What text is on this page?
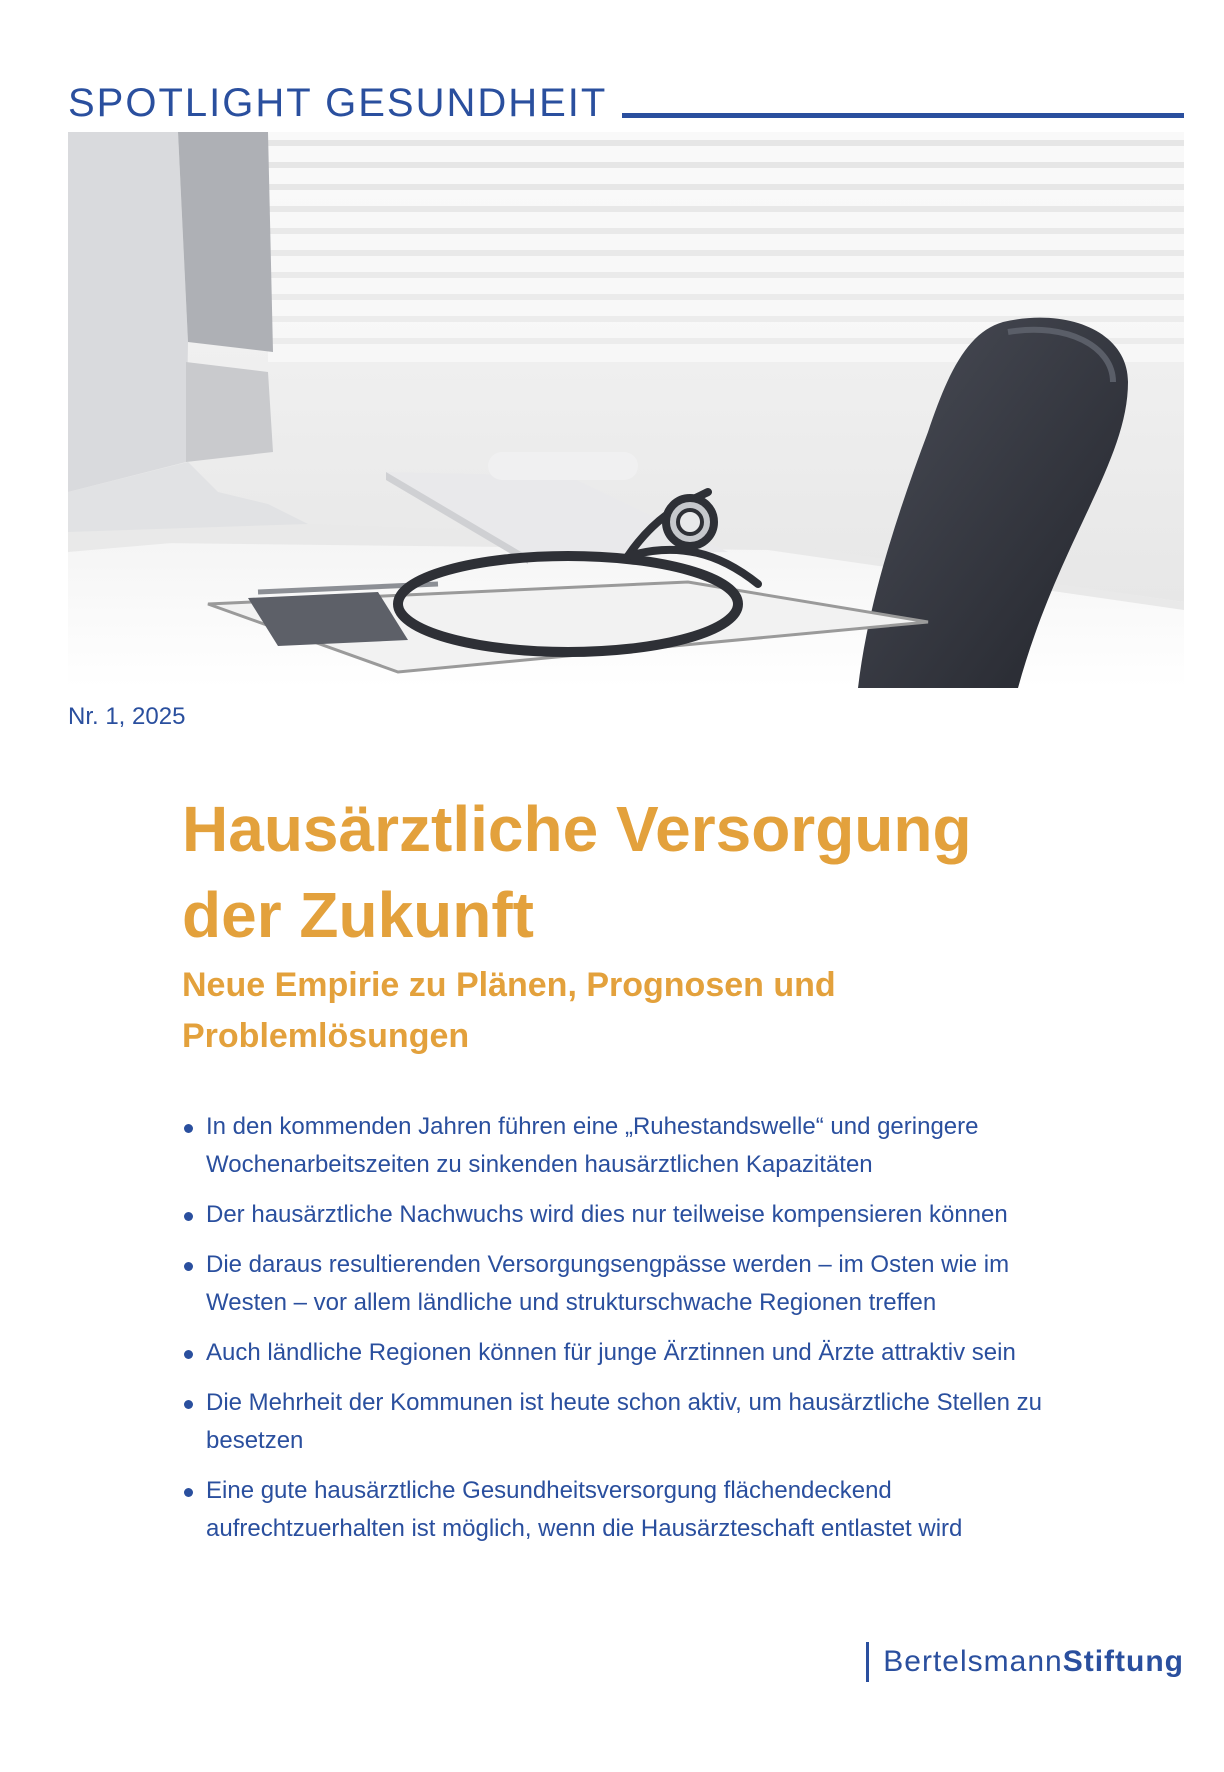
SPOTLIGHT GESUNDHEIT
Nr. 1, 2025
Hausärztliche Versorgung der Zukunft
Neue Empirie zu Plänen, Prognosen und Problemlösungen
In den kommenden Jahren führen eine „Ruhestandswelle“ und geringere Wochenarbeitszeiten zu sinkenden hausärztlichen Kapazitäten
Der hausärztliche Nachwuchs wird dies nur teilweise kompensieren können
Die daraus resultierenden Versorgungsengpässe werden – im Osten wie im Westen – vor allem ländliche und strukturschwache Regionen treffen
Auch ländliche Regionen können für junge Ärztinnen und Ärzte attraktiv sein
Die Mehrheit der Kommunen ist heute schon aktiv, um hausärztliche Stellen zu besetzen
Eine gute hausärztliche Gesundheitsversorgung flächendeckend aufrechtzuerhalten ist möglich, wenn die Hausärzteschaft entlastet wird
BertelsmannStiftung
